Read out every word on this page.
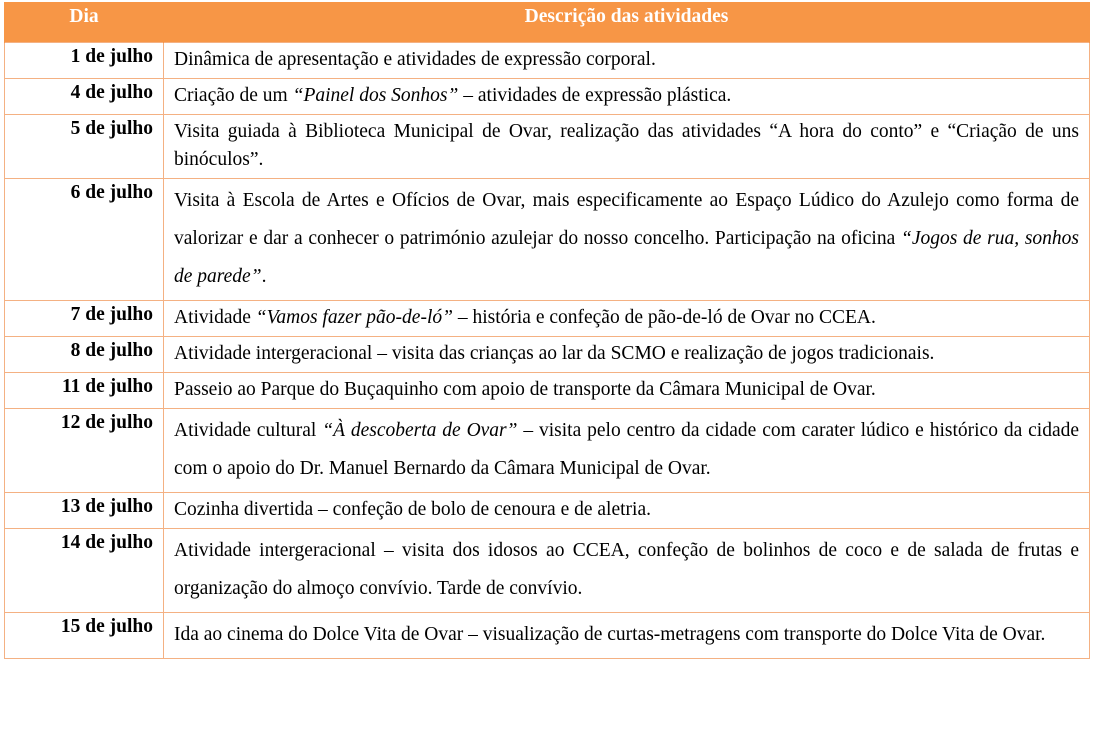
Dia	Descrição das atividades
1 de julho	Dinâmica de apresentação e atividades de expressão corporal.
4 de julho	Criação de um “Painel dos Sonhos” – atividades de expressão plástica.
5 de julho	Visita guiada à Biblioteca Municipal de Ovar, realização das atividades “A hora do conto” e “Criação de uns binóculos”.
6 de julho	Visita à Escola de Artes e Ofícios de Ovar, mais especificamente ao Espaço Lúdico do Azulejo como forma de valorizar e dar a conhecer o património azulejar do nosso concelho. Participação na oficina “Jogos de rua, sonhos de parede”.
7 de julho	Atividade “Vamos fazer pão-de-ló” – história e confeção de pão-de-ló de Ovar no CCEA.
8 de julho	Atividade intergeracional – visita das crianças ao lar da SCMO e realização de jogos tradicionais.
11 de julho	Passeio ao Parque do Buçaquinho com apoio de transporte da Câmara Municipal de Ovar.
12 de julho	Atividade cultural “À descoberta de Ovar” – visita pelo centro da cidade com carater lúdico e histórico da cidade com o apoio do Dr. Manuel Bernardo da Câmara Municipal de Ovar.
13 de julho	Cozinha divertida – confeção de bolo de cenoura e de aletria.
14 de julho	Atividade intergeracional – visita dos idosos ao CCEA, confeção de bolinhos de coco e de salada de frutas e organização do almoço convívio. Tarde de convívio.
15 de julho	Ida ao cinema do Dolce Vita de Ovar – visualização de curtas-metragens com transporte do Dolce Vita de Ovar.
